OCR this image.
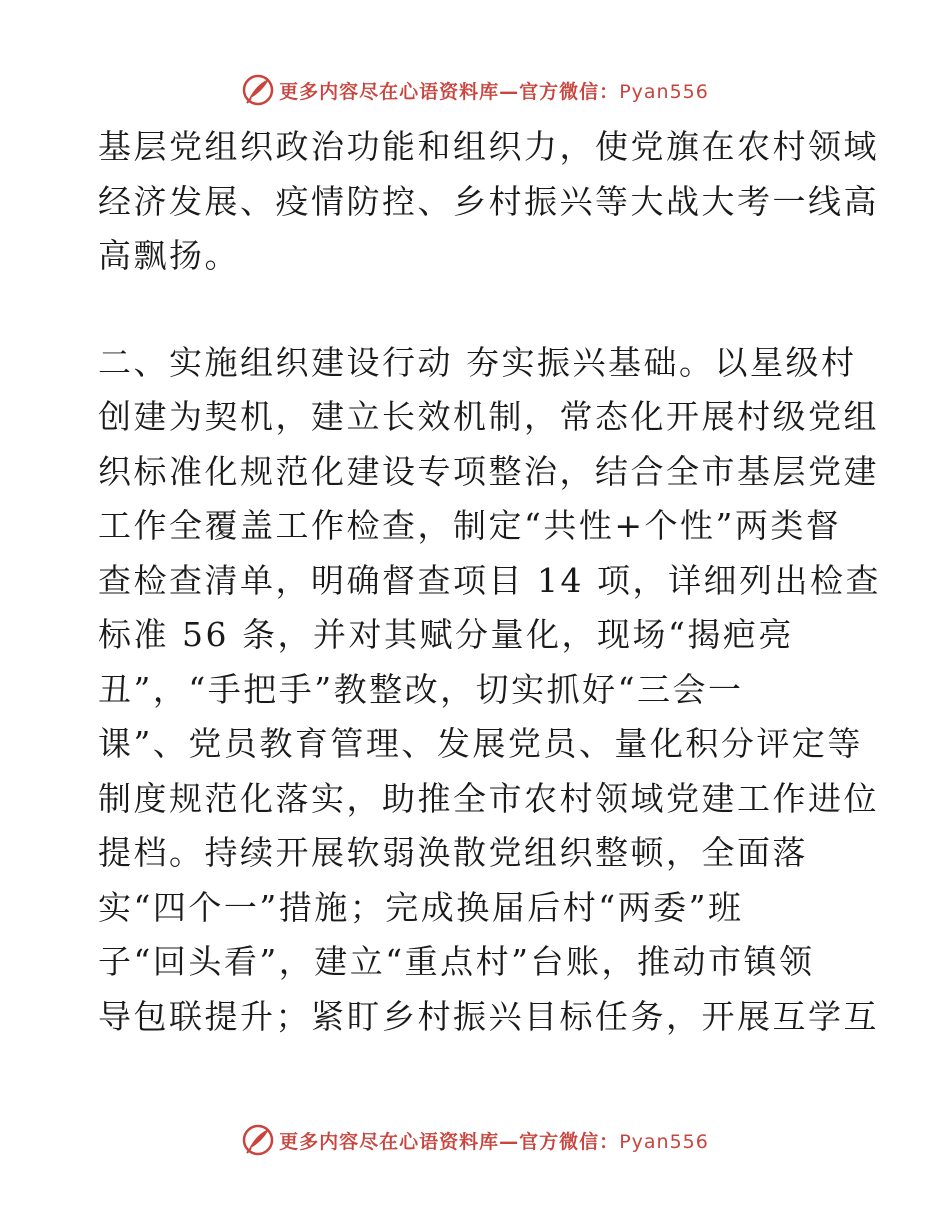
更多内容尽在心语资料库—官方微信：Pyan556
基层党组织政治功能和组织力，使党旗在农村领域
经济发展、疫情防控、乡村振兴等大战大考一线高
高飘扬。
二、实施组织建设行动 夯实振兴基础。以星级村
创建为契机，建立长效机制，常态化开展村级党组
织标准化规范化建设专项整治，结合全市基层党建
工作全覆盖工作检查，制定“共性+个性”两类督
查检查清单，明确督查项目 14 项，详细列出检查
标准 56 条，并对其赋分量化，现场“揭疤亮
丑”，“手把手”教整改，切实抓好“三会一
课”、党员教育管理、发展党员、量化积分评定等
制度规范化落实，助推全市农村领域党建工作进位
提档。持续开展软弱涣散党组织整顿，全面落
实“四个一”措施；完成换届后村“两委”班
子“回头看”，建立“重点村”台账，推动市镇领
导包联提升；紧盯乡村振兴目标任务，开展互学互
更多内容尽在心语资料库—官方微信：Pyan556
